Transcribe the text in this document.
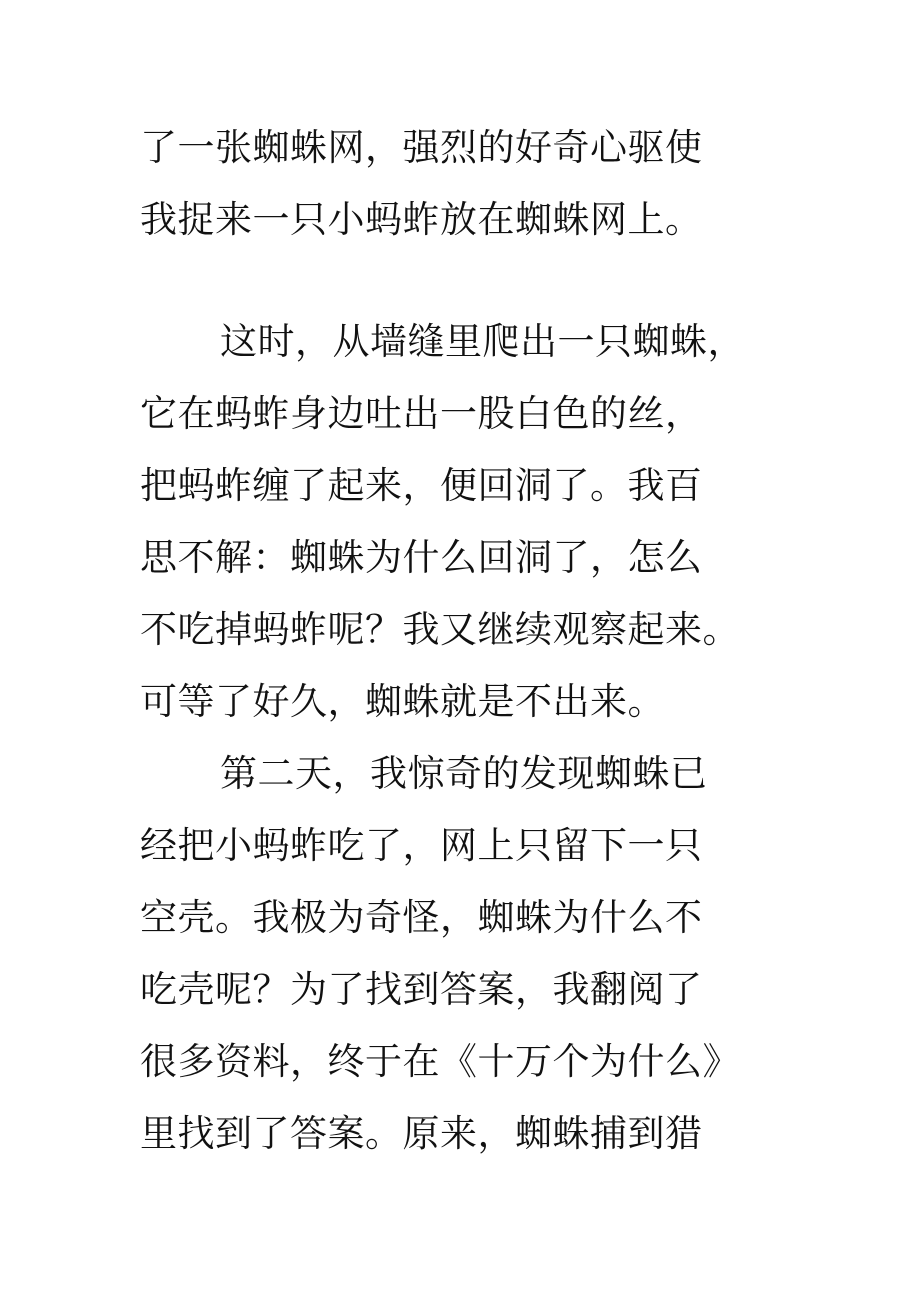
了一张蜘蛛网，强烈的好奇心驱使
我捉来一只小蚂蚱放在蜘蛛网上。
这时，从墙缝里爬出一只蜘蛛，
它在蚂蚱身边吐出一股白色的丝，
把蚂蚱缠了起来，便回洞了。我百
思不解：蜘蛛为什么回洞了，怎么
不吃掉蚂蚱呢？我又继续观察起来。
可等了好久，蜘蛛就是不出来。
第二天，我惊奇的发现蜘蛛已
经把小蚂蚱吃了，网上只留下一只
空壳。我极为奇怪，蜘蛛为什么不
吃壳呢？为了找到答案，我翻阅了
很多资料，终于在《十万个为什么》
里找到了答案。原来，蜘蛛捕到猎
